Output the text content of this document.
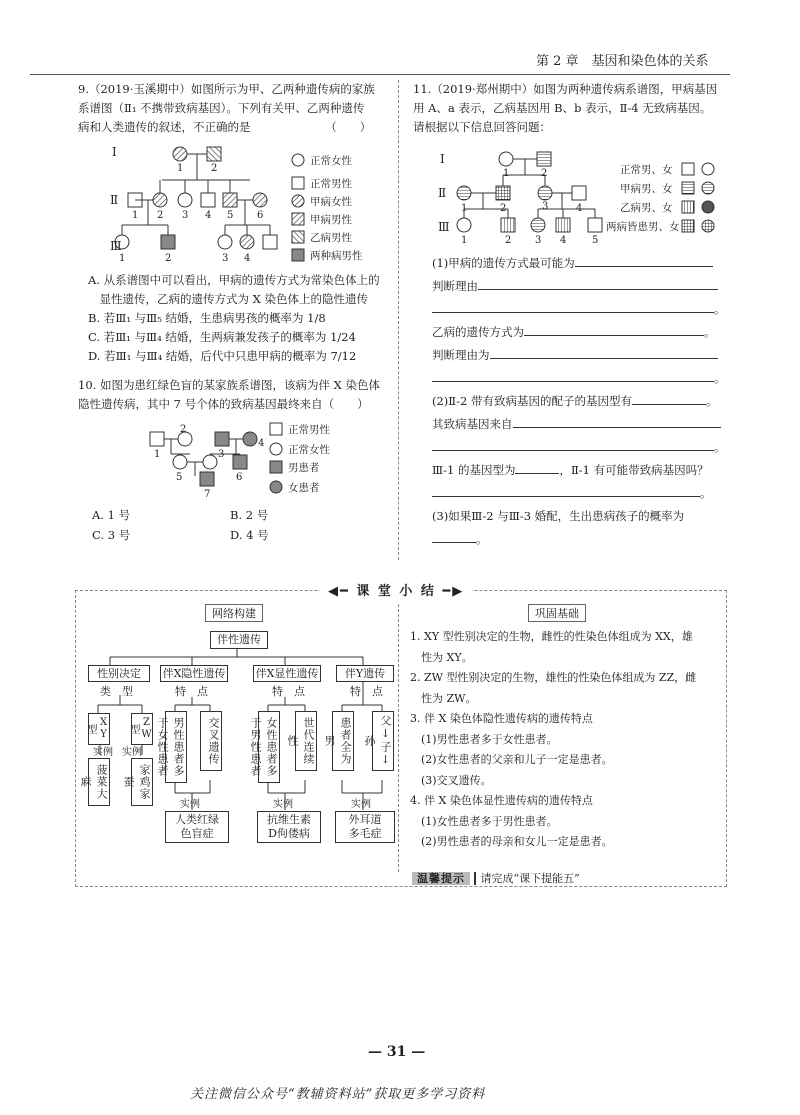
第 2 章　基因和染色体的关系
9.（2019·玉溪期中）如图所示为甲、乙两种遗传病的家族
系谱图（Ⅱ₁ 不携带致病基因）。下列有关甲、乙两种遗传
病和人类遗传的叙述，不正确的是　　　　　　　（　　）
Ⅰ
Ⅱ
Ⅲ
1	2
1 2 3 4 5 6
1	2	3 4
正常女性
正常男性
甲病女性
甲病男性
乙病男性
两种病男性
A. 从系谱图中可以看出，甲病的遗传方式为常染色体上的
　显性遗传，乙病的遗传方式为 X 染色体上的隐性遗传
B. 若Ⅲ₁ 与Ⅲ₅ 结婚，生患病男孩的概率为 1/8
C. 若Ⅲ₁ 与Ⅲ₄ 结婚，生两病兼发孩子的概率为 1/24
D. 若Ⅲ₁ 与Ⅲ₄ 结婚，后代中只患甲病的概率为 7/12
10. 如图为患红绿色盲的某家族系谱图，该病为伴 X 染色体
隐性遗传病，其中 7 号个体的致病基因最终来自（　　）
1
2
3
4
5	6
7
正常男性
正常女性
男患者
女患者
A. 1 号	B. 2 号
C. 3 号	D. 4 号
11.（2019·郑州期中）如图为两种遗传病系谱图，甲病基因
用 A、a 表示，乙病基因用 B、b 表示，Ⅱ-4 无致病基因。
请根据以下信息回答问题：
Ⅰ
Ⅱ
Ⅲ
1	2
1	2	3	4
1	2 3 4	5
正常男、女
甲病男、女
乙病男、女
两病皆患男、女
(1)甲病的遗传方式最可能为
判断理由
。
乙病的遗传方式为	。
判断理由为
。
(2)Ⅱ-2 带有致病基因的配子的基因型有	。
其致病基因来自
。
Ⅲ-1 的基因型为	，Ⅱ-1 有可能带致病基因吗？
。
(3)如果Ⅲ-2 与Ⅲ-3 婚配，生出患病孩子的概率为
。
◀━ 课 堂 小 结 ━▶
网络构建	巩固基础
伴性遗传
性别决定
类　型
伴X隐性遗传
特　点
伴X显性遗传
特　点
伴Y遗传
特　点
XY型	ZW型
实例 实例
菠菜大麻	家鸡家蚕
男性患者多于女性患者	交叉遗传	女性患者多于男性患者	世代连续性	患者全为男	父↓子↓孙
实例	实例	实例
人类红绿
色盲症
抗维生素
D佝偻病
外耳道
多毛症
1. XY 型性别决定的生物，雌性的性染色体组成为 XX，雄
　性为 XY。
2. ZW 型性别决定的生物，雄性的性染色体组成为 ZZ，雌
　性为 ZW。
3. 伴 X 染色体隐性遗传病的遗传特点
　(1)男性患者多于女性患者。
　(2)女性患者的父亲和儿子一定是患者。
　(3)交叉遗传。
4. 伴 X 染色体显性遗传病的遗传特点
　(1)女性患者多于男性患者。
　(2)男性患者的母亲和女儿一定是患者。
温馨提示 请完成“课下提能五”
— 31 —
关注微信公众号“教辅资料站”获取更多学习资料
